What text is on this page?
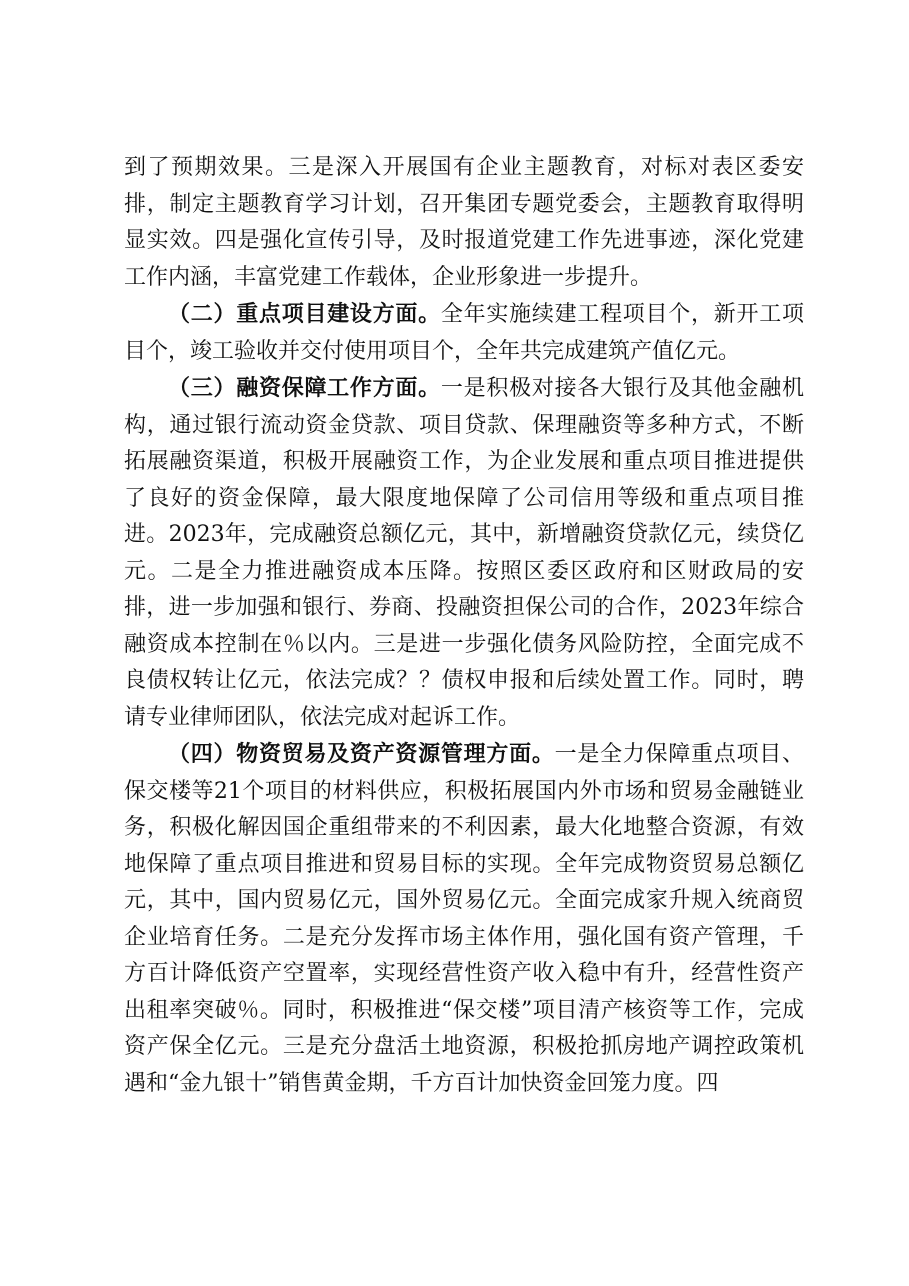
到了预期效果。三是深入开展国有企业主题教育，对标对表区委安排，制定主题教育学习计划，召开集团专题党委会，主题教育取得明显实效。四是强化宣传引导，及时报道党建工作先进事迹，深化党建工作内涵，丰富党建工作载体，企业形象进一步提升。

（二）重点项目建设方面。全年实施续建工程项目个，新开工项目个，竣工验收并交付使用项目个，全年共完成建筑产值亿元。

（三）融资保障工作方面。一是积极对接各大银行及其他金融机构，通过银行流动资金贷款、项目贷款、保理融资等多种方式，不断拓展融资渠道，积极开展融资工作，为企业发展和重点项目推进提供了良好的资金保障，最大限度地保障了公司信用等级和重点项目推进。2023年，完成融资总额亿元，其中，新增融资贷款亿元，续贷亿元。二是全力推进融资成本压降。按照区委区政府和区财政局的安排，进一步加强和银行、券商、投融资担保公司的合作，2023年综合融资成本控制在％以内。三是进一步强化债务风险防控，全面完成不良债权转让亿元，依法完成？？债权申报和后续处置工作。同时，聘请专业律师团队，依法完成对起诉工作。

（四）物资贸易及资产资源管理方面。一是全力保障重点项目、保交楼等21个项目的材料供应，积极拓展国内外市场和贸易金融链业务，积极化解因国企重组带来的不利因素，最大化地整合资源，有效地保障了重点项目推进和贸易目标的实现。全年完成物资贸易总额亿元，其中，国内贸易亿元，国外贸易亿元。全面完成家升规入统商贸企业培育任务。二是充分发挥市场主体作用，强化国有资产管理，千方百计降低资产空置率，实现经营性资产收入稳中有升，经营性资产出租率突破％。同时，积极推进“保交楼”项目清产核资等工作，完成资产保全亿元。三是充分盘活土地资源，积极抢抓房地产调控政策机遇和“金九银十”销售黄金期，千方百计加快资金回笼力度。四
